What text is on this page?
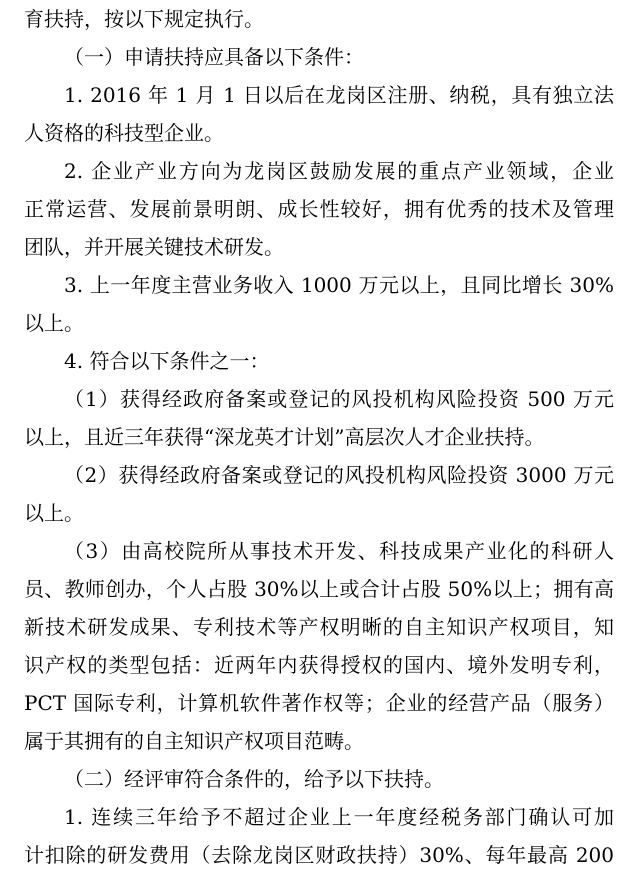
育扶持，按以下规定执行。
（一）申请扶持应具备以下条件：
1. 2016 年 1 月 1 日以后在龙岗区注册、纳税，具有独立法
人资格的科技型企业。
2. 企业产业方向为龙岗区鼓励发展的重点产业领域，企业
正常运营、发展前景明朗、成长性较好，拥有优秀的技术及管理
团队，并开展关键技术研发。
3. 上一年度主营业务收入 1000 万元以上，且同比增长 30%
以上。
4. 符合以下条件之一：
（1）获得经政府备案或登记的风投机构风险投资 500 万元
以上，且近三年获得“深龙英才计划”高层次人才企业扶持。
（2）获得经政府备案或登记的风投机构风险投资 3000 万元
以上。
（3）由高校院所从事技术开发、科技成果产业化的科研人
员、教师创办，个人占股 30%以上或合计占股 50%以上；拥有高
新技术研发成果、专利技术等产权明晰的自主知识产权项目，知
识产权的类型包括：近两年内获得授权的国内、境外发明专利，
PCT 国际专利，计算机软件著作权等；企业的经营产品（服务）
属于其拥有的自主知识产权项目范畴。
（二）经评审符合条件的，给予以下扶持。
1. 连续三年给予不超过企业上一年度经税务部门确认可加
计扣除的研发费用（去除龙岗区财政扶持）30%、每年最高 200
